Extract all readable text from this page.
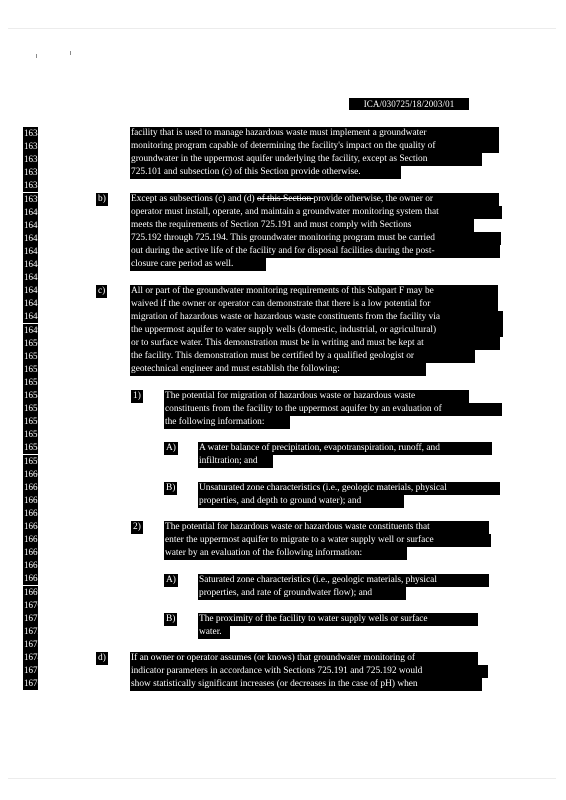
ICA/030725/18/2003/01
1634
1635
1636
1637
1638
1639
1640
1641
1642
1643
1644
1645
1646
1647
1648
1649
1650
1651
1652
1653
1654
1655
1656
1657
1658
1659
1660
1661
1662
1663
1664
1665
1666
1667
1668
1669
1670
1671
1672
1673
1674
1675
1676
facility that is used to manage hazardous waste must implement a groundwater
monitoring program capable of determining the facility's impact on the quality of
groundwater in the uppermost aquifer underlying the facility, except as Section
725.101 and subsection (c) of this Section provide otherwise.
b)	Except as subsections (c) and (d) of this Section provide otherwise, the owner or
operator must install, operate, and maintain a groundwater monitoring system that
meets the requirements of Section 725.191 and must comply with Sections
725.192 through 725.194. This groundwater monitoring program must be carried
out during the active life of the facility and for disposal facilities during the post-
closure care period as well.
c)	All or part of the groundwater monitoring requirements of this Subpart F may be
waived if the owner or operator can demonstrate that there is a low potential for
migration of hazardous waste or hazardous waste constituents from the facility via
the uppermost aquifer to water supply wells (domestic, industrial, or agricultural)
or to surface water. This demonstration must be in writing and must be kept at
the facility. This demonstration must be certified by a qualified geologist or
geotechnical engineer and must establish the following:
1)	The potential for migration of hazardous waste or hazardous waste
constituents from the facility to the uppermost aquifer by an evaluation of
the following information:
A) A water balance of precipitation, evapotranspiration, runoff, and
infiltration; and
B)	Unsaturated zone characteristics (i.e., geologic materials, physical
properties, and depth to ground water); and
2)	The potential for hazardous waste or hazardous waste constituents that
enter the uppermost aquifer to migrate to a water supply well or surface
water by an evaluation of the following information:
A) Saturated zone characteristics (i.e., geologic materials, physical
properties, and rate of groundwater flow); and
B)	The proximity of the facility to water supply wells or surface
water.
d)	If an owner or operator assumes (or knows) that groundwater monitoring of
indicator parameters in accordance with Sections 725.191 and 725.192 would
show statistically significant increases (or decreases in the case of pH) when
